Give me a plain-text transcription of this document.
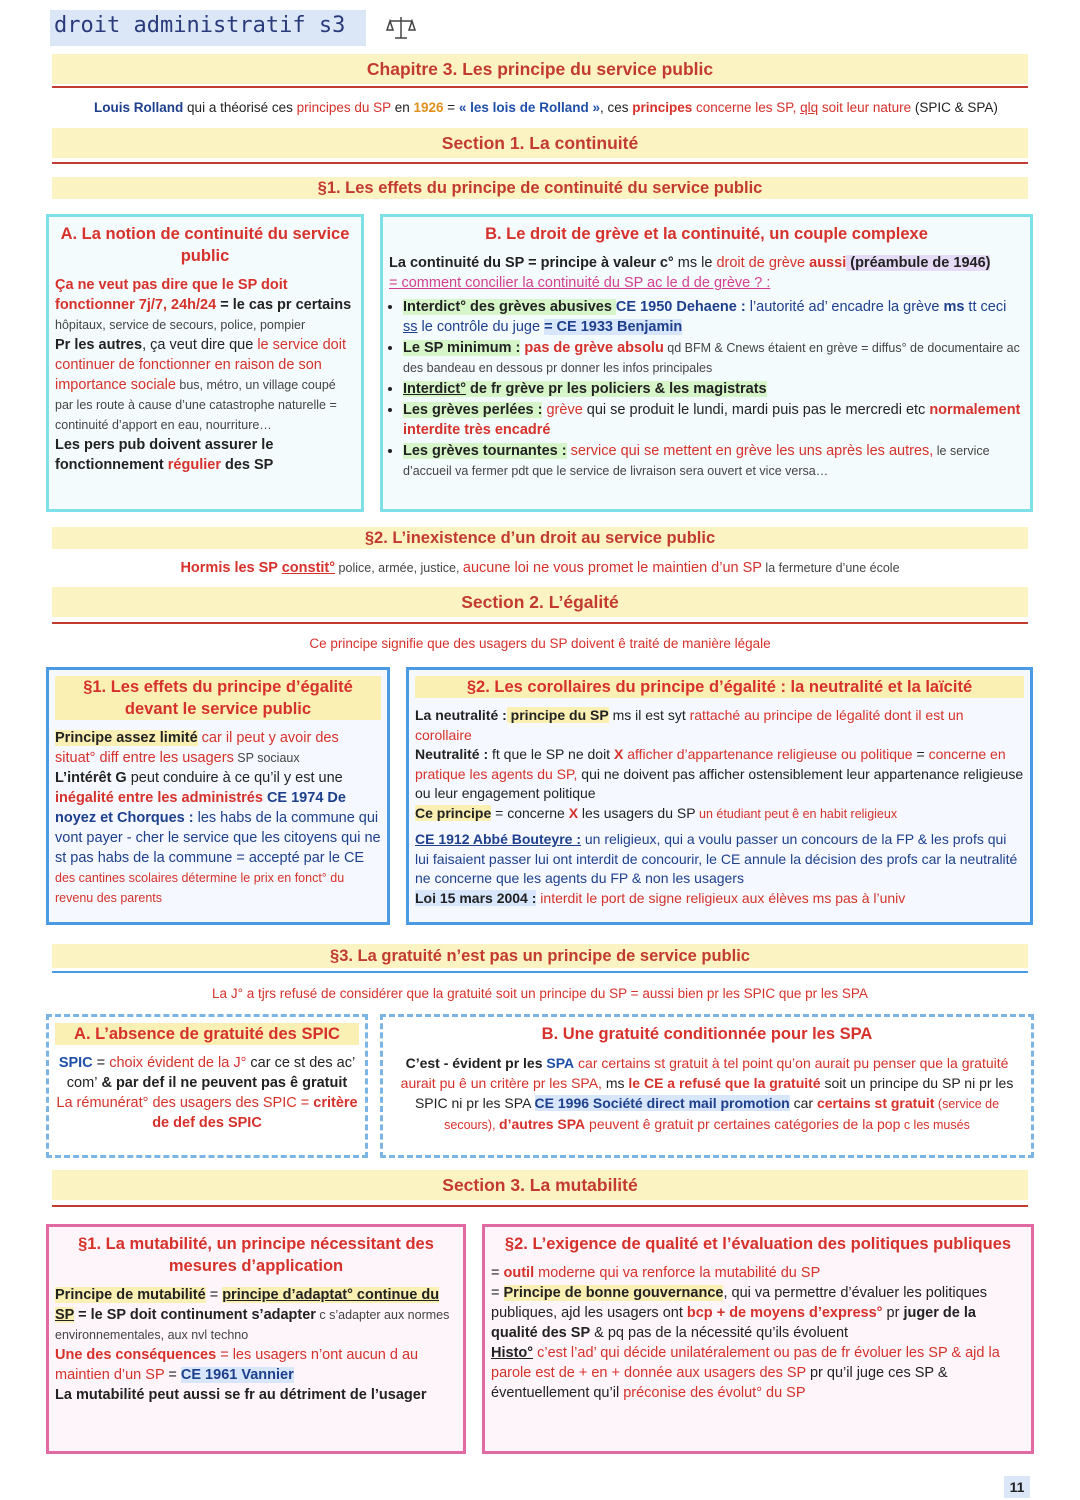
droit administratif s3
Chapitre 3. Les principe du service public
Louis Rolland qui a théorisé ces principes du SP en 1926 = « les lois de Rolland », ces principes concerne les SP, qlq soit leur nature (SPIC & SPA)
Section 1. La continuité
§1. Les effets du principe de continuité du service public
A. La notion de continuité du service public
Ça ne veut pas dire que le SP doit fonctionner 7j/7, 24h/24 = le cas pr certains hôpitaux, service de secours, police, pompier
Pr les autres, ça veut dire que le service doit continuer de fonctionner en raison de son importance sociale bus, métro, un village coupé par les route à cause d’une catastrophe naturelle = continuité d’apport en eau, nourriture…
Les pers pub doivent assurer le fonctionnement régulier des SP
B. Le droit de grève et la continuité, un couple complexe
La continuité du SP = principe à valeur c° ms le droit de grève aussi (préambule de 1946)
= comment concilier la continuité du SP ac le d de grève ? :
• Interdict° des grèves abusives CE 1950 Dehaene : l’autorité ad’ encadre la grève ms tt ceci ss le contrôle du juge = CE 1933 Benjamin
• Le SP minimum : pas de grève absolu qd BFM & Cnews étaient en grève = diffus° de documentaire ac des bandeau en dessous pr donner les infos principales
• Interdict° de fr grève pr les policiers & les magistrats
• Les grèves perlées : grève qui se produit le lundi, mardi puis pas le mercredi etc normalement interdite très encadré
• Les grèves tournantes : service qui se mettent en grève les uns après les autres, le service d’accueil va fermer pdt que le service de livraison sera ouvert et vice versa…
§2. L’inexistence d’un droit au service public
Hormis les SP constit° police, armée, justice, aucune loi ne vous promet le maintien d’un SP la fermeture d’une école
Section 2. L’égalité
Ce principe signifie que des usagers du SP doivent ê traité de manière légale
§1. Les effets du principe d’égalité devant le service public
Principe assez limité car il peut y avoir des situat° diff entre les usagers SP sociaux
L’intérêt G peut conduire à ce qu’il y est une inégalité entre les administrés CE 1974 De noyez et Chorques : les habs de la commune qui vont payer - cher le service que les citoyens qui ne st pas habs de la commune = accepté par le CE
des cantines scolaires détermine le prix en fonct° du revenu des parents
§2. Les corollaires du principe d’égalité : la neutralité et la laïcité
La neutralité : principe du SP ms il est syt rattaché au principe de légalité dont il est un corollaire
Neutralité : ft que le SP ne doit X afficher d’appartenance religieuse ou politique = concerne en pratique les agents du SP, qui ne doivent pas afficher ostensiblement leur appartenance religieuse ou leur engagement politique
Ce principe = concerne X les usagers du SP un étudiant peut ê en habit religieux

CE 1912 Abbé Bouteyre : un religieux, qui a voulu passer un concours de la FP & les profs qui lui faisaient passer lui ont interdit de concourir, le CE annule la décision des profs car la neutralité ne concerne que les agents du FP & non les usagers
Loi 15 mars 2004 : interdit le port de signe religieux aux élèves ms pas à l’univ
§3. La gratuité n’est pas un principe de service public
La J° a tjrs refusé de considérer que la gratuité soit un principe du SP = aussi bien pr les SPIC que pr les SPA
A. L’absence de gratuité des SPIC
SPIC = choix évident de la J° car ce st des ac’ com’ & par def il ne peuvent pas ê gratuit
La rémunérat° des usagers des SPIC = critère de def des SPIC
B. Une gratuité conditionnée pour les SPA
C’est - évident pr les SPA car certains st gratuit à tel point qu’on aurait pu penser que la gratuité aurait pu ê un critère pr les SPA, ms le CE a refusé que la gratuité soit un principe du SP ni pr les SPIC ni pr les SPA CE 1996 Société direct mail promotion car certains st gratuit (service de secours), d’autres SPA peuvent ê gratuit pr certaines catégories de la pop c les musés
Section 3. La mutabilité
§1. La mutabilité, un principe nécessitant des mesures d’application
Principe de mutabilité = principe d’adaptat° continue du SP = le SP doit continument s’adapter c s’adapter aux normes environnementales, aux nvl techno
Une des conséquences = les usagers n’ont aucun d au maintien d’un SP = CE 1961 Vannier
La mutabilité peut aussi se fr au détriment de l’usager
§2. L’exigence de qualité et l’évaluation des politiques publiques
= outil moderne qui va renforce la mutabilité du SP
= Principe de bonne gouvernance, qui va permettre d’évaluer les politiques publiques, ajd les usagers ont bcp + de moyens d’express° pr juger de la qualité des SP & pq pas de la nécessité qu’ils évoluent
Histo° c’est l’ad’ qui décide unilatéralement ou pas de fr évoluer les SP & ajd la parole est de + en + donnée aux usagers des SP pr qu’il juge ces SP & éventuellement qu’il préconise des évolut° du SP
11
